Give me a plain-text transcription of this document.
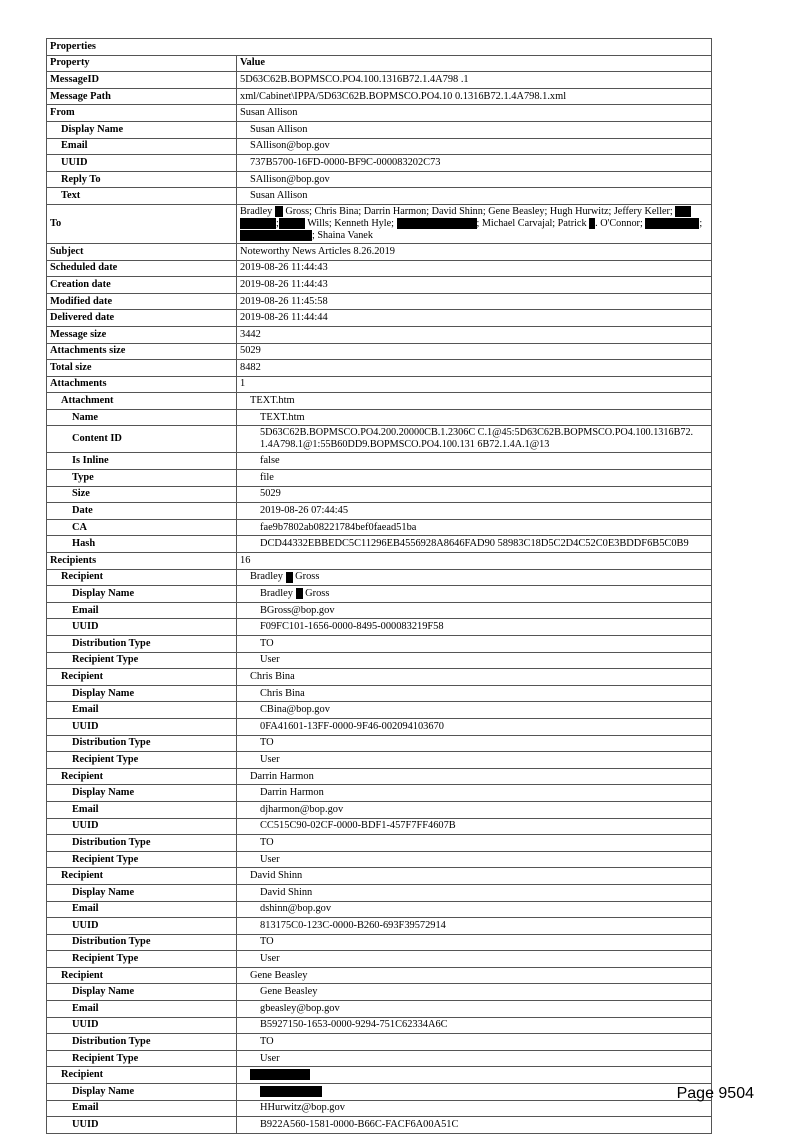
Properties	
Property	Value
MessageID	5D63C62B.BOPMSCO.PO4.100.1316B72.1.4A798 .1
Message Path	xml/Cabinet\IPPA/5D63C62B.BOPMSCO.PO4.10 0.1316B72.1.4A798.1.xml
From	Susan Allison
Display Name	Susan Allison
Email	SAllison@bop.gov
UUID	737B5700-16FD-0000-BF9C-000083202C73
Reply To	SAllison@bop.gov
Text	Susan Allison
To	Bradley Gross; Chris Bina; Darrin Harmon; David Shinn; Gene Beasley; Hugh Hurwitz; Jeffery Keller;
; Wills; Kenneth Hyle; ; Michael Carvajal; Patrick . O'Connor; ;
; Shaina Vanek

Subject	Noteworthy News Articles 8.26.2019
Scheduled date	2019-08-26 11:44:43
Creation date	2019-08-26 11:44:43
Modified date	2019-08-26 11:45:58
Delivered date	2019-08-26 11:44:44
Message size	3442
Attachments size	5029
Total size	8482
Attachments	1
Attachment	TEXT.htm
Name	TEXT.htm
Content ID	5D63C62B.BOPMSCO.PO4.200.20000CB.1.2306C C.1@45:5D63C62B.BOPMSCO.PO4.100.1316B72.
1.4A798.1@1:55B60DD9.BOPMSCO.PO4.100.131 6B72.1.4A.1@13

Is Inline	false
Type	file
Size	5029
Date	2019-08-26 07:44:45
CA	fae9b7802ab08221784bef0faead51ba
Hash	DCD44332EBBEDC5C11296EB4556928A8646FAD90 58983C18D5C2D4C52C0E3BDDF6B5C0B9
Recipients	16
Recipient	Bradley Gross
Display Name	Bradley Gross
Email	BGross@bop.gov
UUID	F09FC101-1656-0000-8495-000083219F58
Distribution Type	TO
Recipient Type	User
Recipient	Chris Bina
Display Name	Chris Bina
Email	CBina@bop.gov
UUID	0FA41601-13FF-0000-9F46-002094103670
Distribution Type	TO
Recipient Type	User
Recipient	Darrin Harmon
Display Name	Darrin Harmon
Email	djharmon@bop.gov
UUID	CC515C90-02CF-0000-BDF1-457F7FF4607B
Distribution Type	TO
Recipient Type	User
Recipient	David Shinn
Display Name	David Shinn
Email	dshinn@bop.gov
UUID	813175C0-123C-0000-B260-693F39572914
Distribution Type	TO
Recipient Type	User
Recipient	Gene Beasley
Display Name	Gene Beasley
Email	gbeasley@bop.gov
UUID	B5927150-1653-0000-9294-751C62334A6C
Distribution Type	TO
Recipient Type	User
Recipient	
Display Name	
Email	HHurwitz@bop.gov
UUID	B922A560-1581-0000-B66C-FACF6A00A51C
Page 9504
